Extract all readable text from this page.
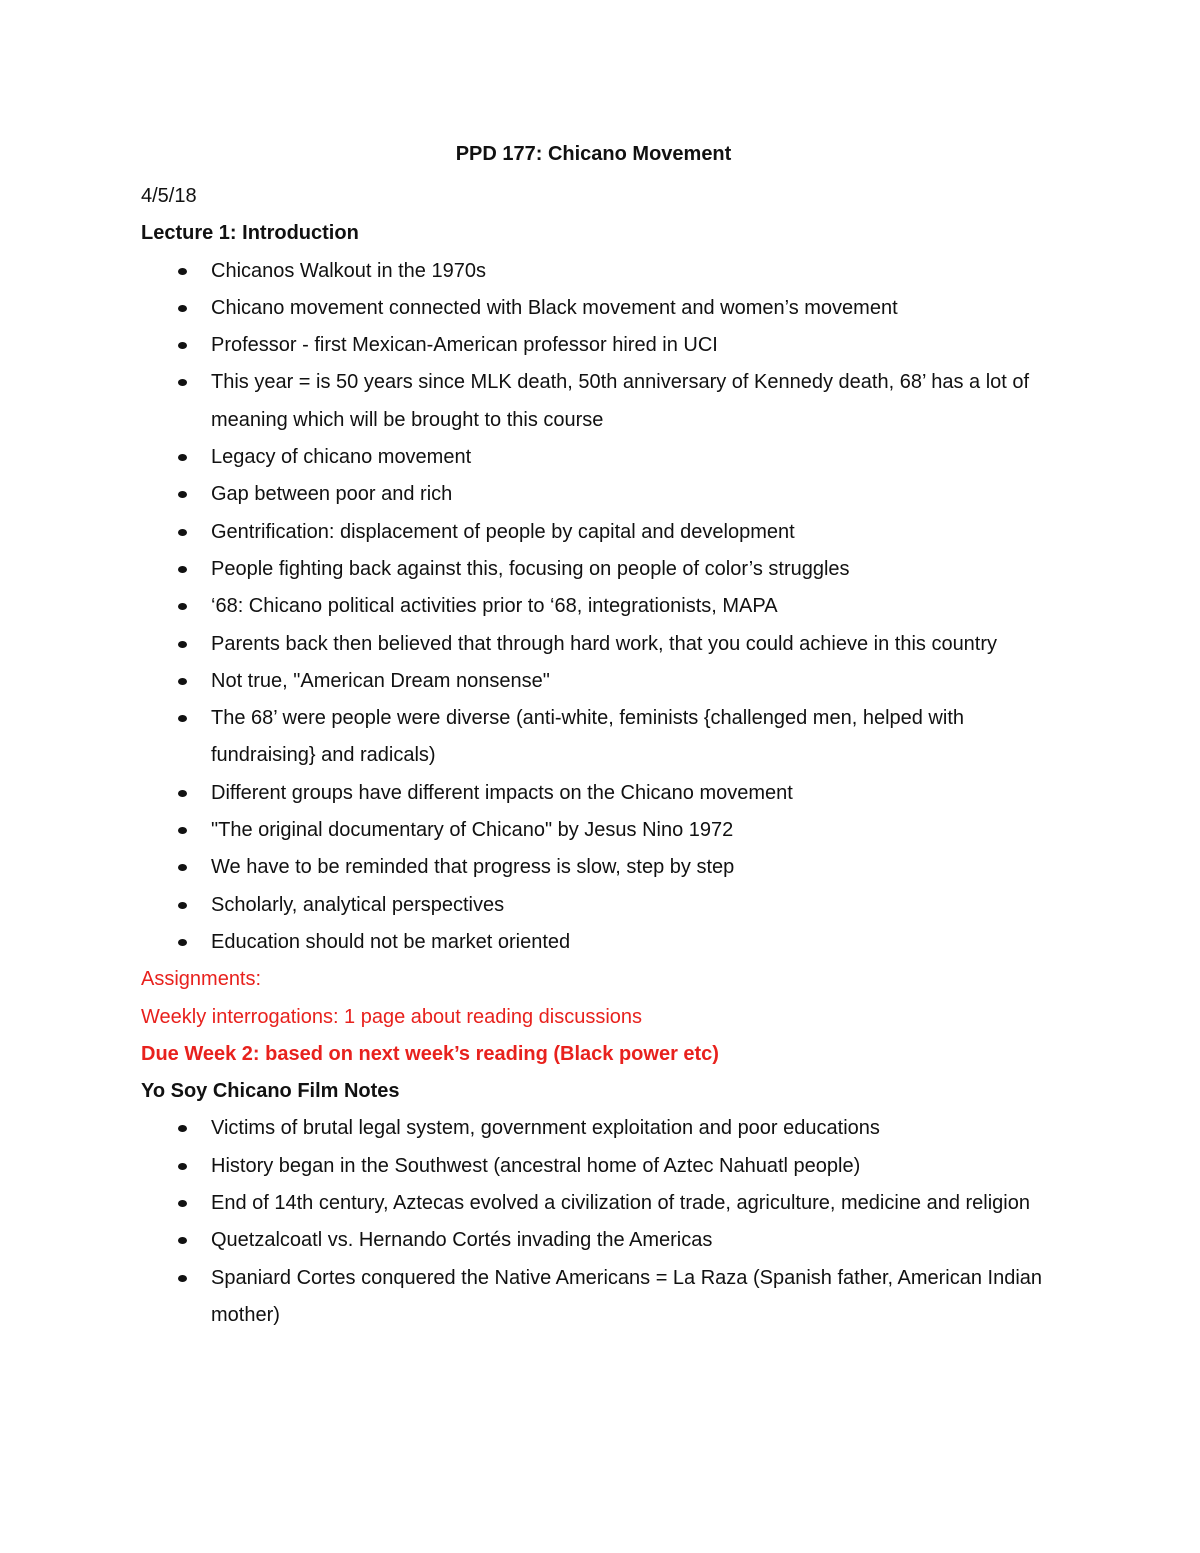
PPD 177: Chicano Movement

4/5/18

Lecture 1: Introduction

Chicanos Walkout in the 1970s
Chicano movement connected with Black movement and women’s movement
Professor - first Mexican-American professor hired in UCI
This year = is 50 years since MLK death, 50th anniversary of Kennedy death, 68’ has a lot of meaning which will be brought to this course
Legacy of chicano movement
Gap between poor and rich
Gentrification: displacement of people by capital and development
People fighting back against this, focusing on people of color’s struggles
‘68: Chicano political activities prior to ‘68, integrationists, MAPA
Parents back then believed that through hard work, that you could achieve in this country
Not true, "American Dream nonsense"
The 68’ were people were diverse (anti-white, feminists {challenged men, helped with fundraising} and radicals)
Different groups have different impacts on the Chicano movement
"The original documentary of Chicano" by Jesus Nino 1972
We have to be reminded that progress is slow, step by step
Scholarly, analytical perspectives
Education should not be market oriented

Assignments:

Weekly interrogations: 1 page about reading discussions

Due Week 2: based on next week’s reading (Black power etc)

Yo Soy Chicano Film Notes

Victims of brutal legal system, government exploitation and poor educations
History began in the Southwest (ancestral home of Aztec Nahuatl people)
End of 14th century, Aztecas evolved a civilization of trade, agriculture, medicine and religion
Quetzalcoatl vs. Hernando Cortés invading the Americas
Spaniard Cortes conquered the Native Americans = La Raza (Spanish father, American Indian mother)
